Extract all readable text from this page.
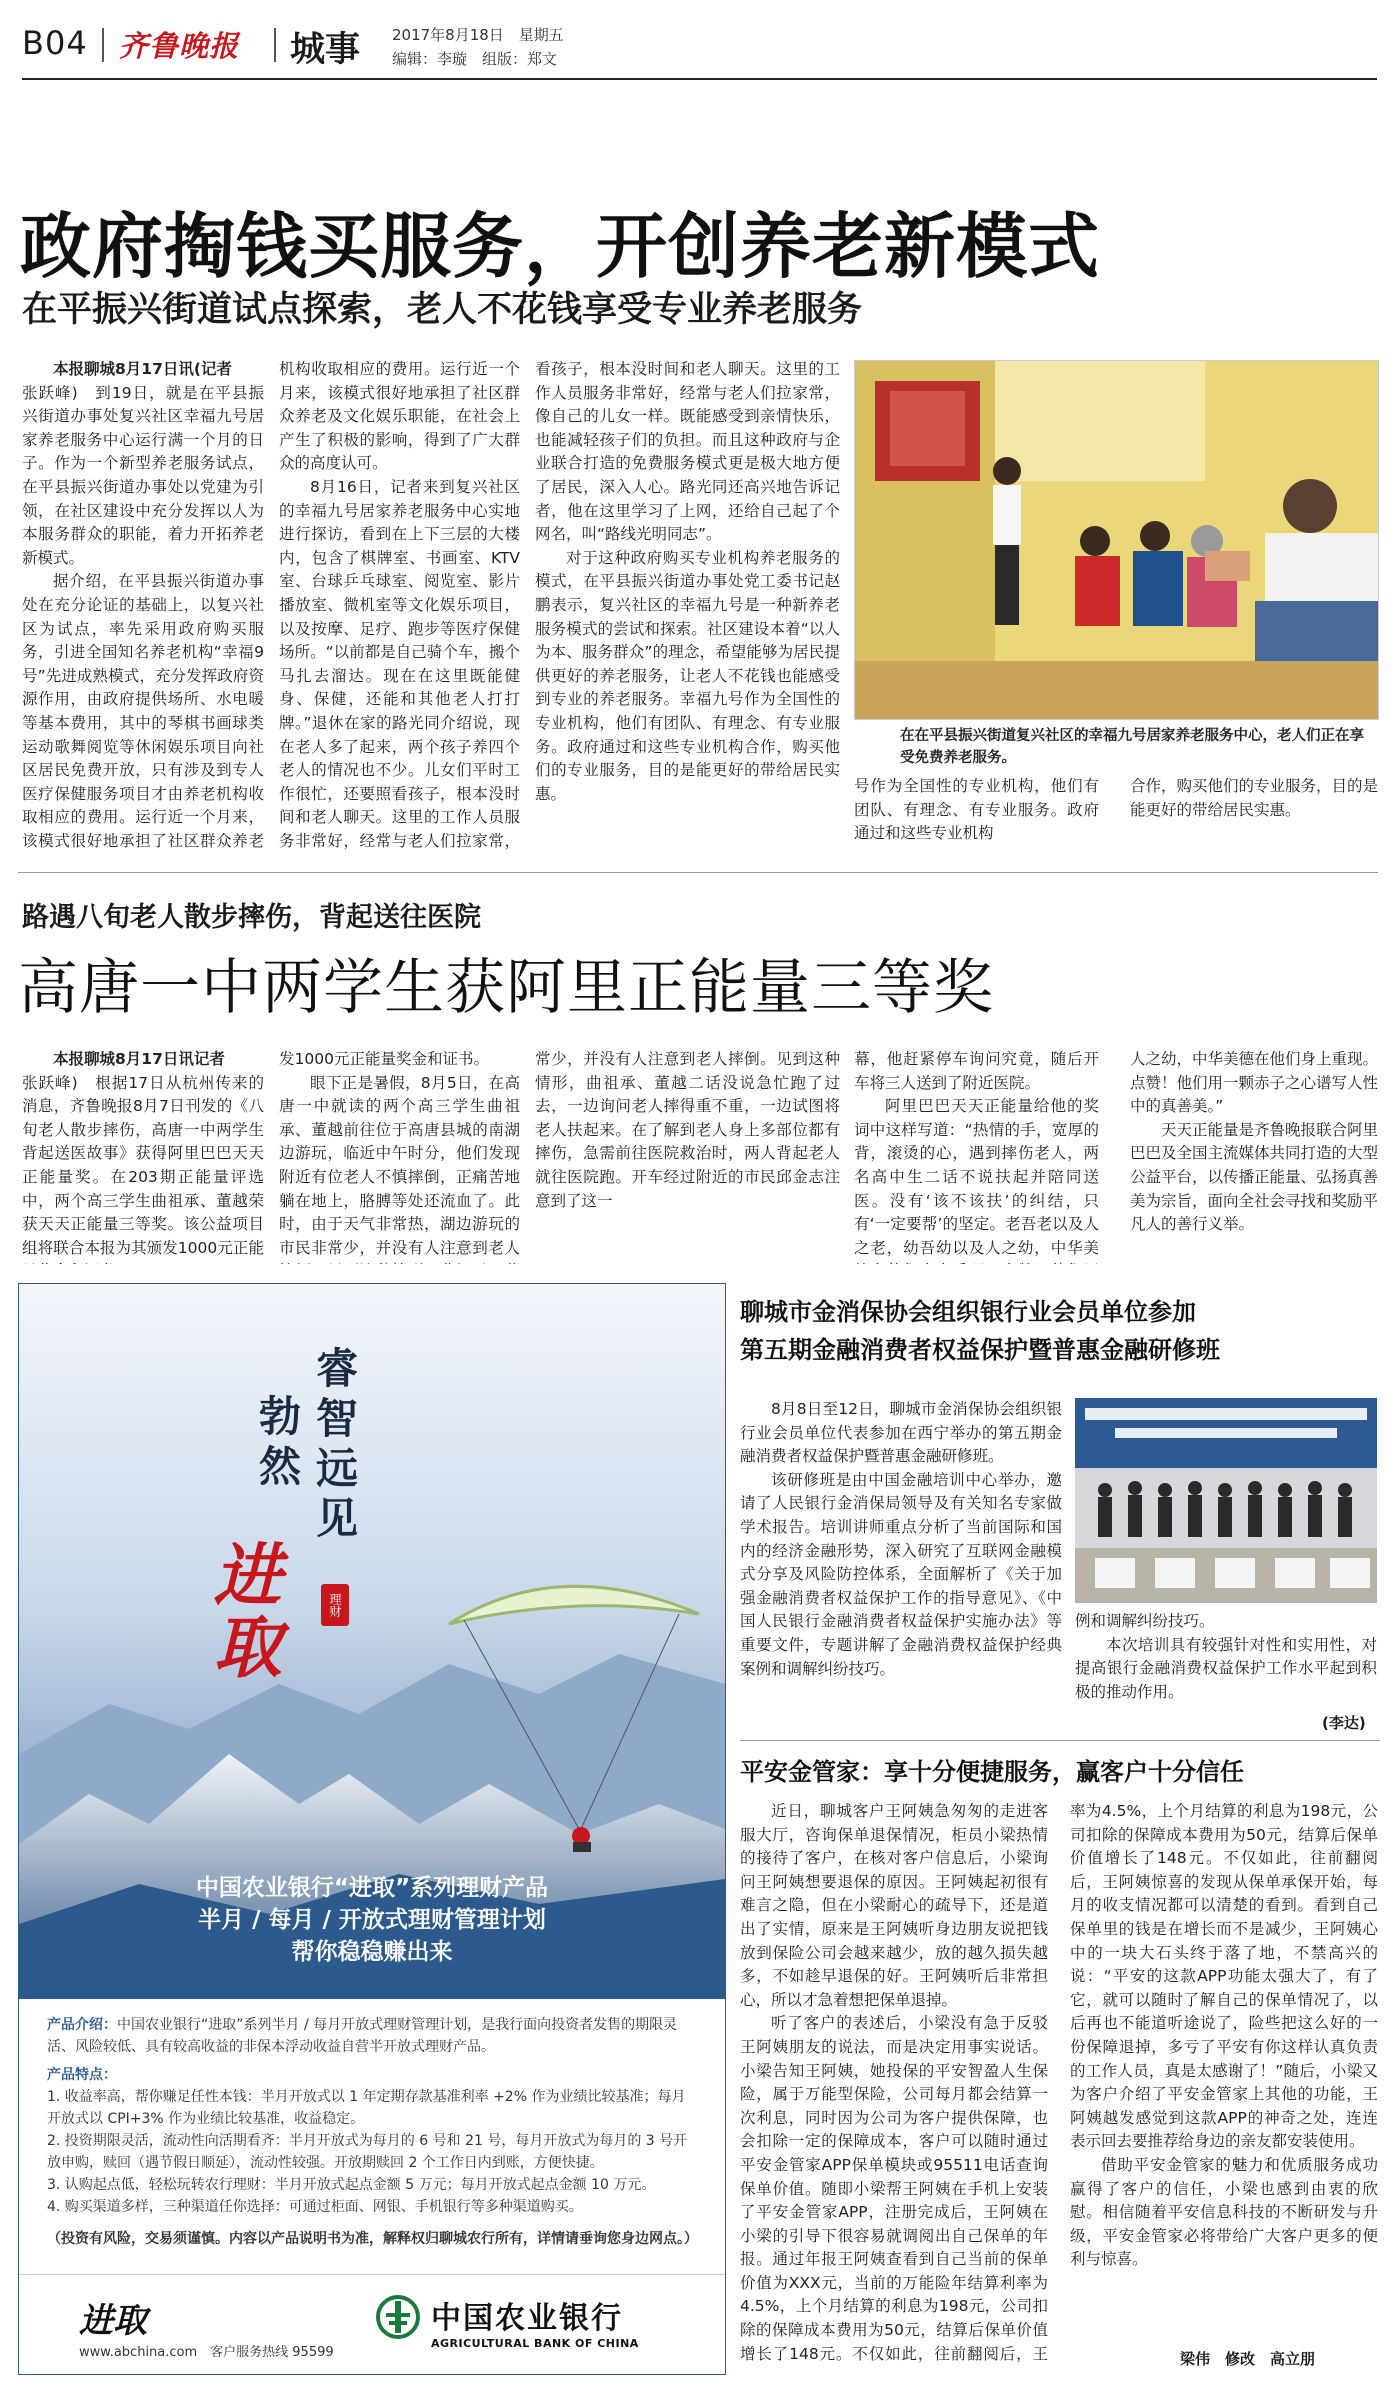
B04 齐鲁晚报 城事 2017年8月18日　星期五
编辑：李璇　组版：郑文
政府掏钱买服务，开创养老新模式
在平振兴街道试点探索，老人不花钱享受专业养老服务

本报聊城8月17日讯(记者

张跃峰)　到19日，就是在平县振兴街道办事处复兴社区幸福九号居家养老服务中心运行满一个月的日子。作为一个新型养老服务试点，在平县振兴街道办事处以党建为引领，在社区建设中充分发挥以人为本服务群众的职能，着力开拓养老新模式。

据介绍，在平县振兴街道办事处在充分论证的基础上，以复兴社区为试点，率先采用政府购买服务，引进全国知名养老机构“幸福9号”先进成熟模式，充分发挥政府资源作用，由政府提供场所、水电暖等基本费用，其中的琴棋书画球类运动歌舞阅览等休闲娱乐项目向社区居民免费开放，只有涉及到专人医疗保健服务项目才由养老机构收取相应的费用。运行近一个月来，该模式很好地承担了社区群众养老

机构收取相应的费用。运行近一个月来，该模式很好地承担了社区群众养老及文化娱乐职能，在社会上产生了积极的影响，得到了广大群众的高度认可。

8月16日，记者来到复兴社区的幸福九号居家养老服务中心实地进行探访，看到在上下三层的大楼内，包含了棋牌室、书画室、KTV室、台球乒乓球室、阅览室、影片播放室、微机室等文化娱乐项目，以及按摩、足疗、跑步等医疗保健场所。“以前都是自己骑个车，搬个马扎去溜达。现在在这里既能健身、保健，还能和其他老人打打牌。”退休在家的路光同介绍说，现在老人多了起来，两个孩子养四个老人的情况也不少。儿女们平时工作很忙，还要照看孩子，根本没时间和老人聊天。这里的工作人员服务非常好，经常与老人们拉家常，

看孩子，根本没时间和老人聊天。这里的工作人员服务非常好，经常与老人们拉家常，像自己的儿女一样。既能感受到亲情快乐，也能减轻孩子们的负担。而且这种政府与企业联合打造的免费服务模式更是极大地方便了居民，深入人心。路光同还高兴地告诉记者，他在这里学习了上网，还给自己起了个网名，叫“路线光明同志”。

对于这种政府购买专业机构养老服务的模式，在平县振兴街道办事处党工委书记赵鹏表示，复兴社区的幸福九号是一种新养老服务模式的尝试和探索。社区建设本着“以人为本、服务群众”的理念，希望能够为居民提供更好的养老服务，让老人不花钱也能感受到专业的养老服务。幸福九号作为全国性的专业机构，他们有团队、有理念、有专业服务。政府通过和这些专业机构合作，购买他们的专业服务，目的是能更好的带给居民实惠。

在在平县振兴街道复兴社区的幸福九号居家养老服务中心，老人们正在享受免费养老服务。

号作为全国性的专业机构，他们有团队、有理念、有专业服务。政府通过和这些专业机构

合作，购买他们的专业服务，目的是能更好的带给居民实惠。

路遇八旬老人散步摔伤，背起送往医院
高唐一中两学生获阿里正能量三等奖

本报聊城8月17日讯记者

张跃峰)　根据17日从杭州传来的消息，齐鲁晚报8月7日刊发的《八旬老人散步摔伤，高唐一中两学生背起送医故事》获得阿里巴巴天天正能量奖。在203期正能量评选中，两个高三学生曲祖承、董越荣获天天正能量三等奖。该公益项目组将联合本报为其颁发1000元正能

发1000元正能量奖金和证书。

眼下正是暑假，8月5日，在高唐一中就读的两个高三学生曲祖承、董越前往位于高唐县城的南湖边游玩，临近中午时分，他们发现附近有位老人不慎摔倒，正痛苦地躺在地上，胳膊等处还流血了。此时，由于天气非常热，湖边游玩的市民非常少，并没有人注意到老人

常少，并没有人注意到老人摔倒。见到这种情形，曲祖承、董越二话没说急忙跑了过去，一边询问老人摔得重不重，一边试图将老人扶起来。在了解到老人身上多部位都有摔伤，急需前往医院救治时，两人背起老人就往医院跑。开车经过附近的市民邱金志注意到了这一

幕，他赶紧停车询问究竟，随后开车将三人送到了附近医院。

阿里巴巴天天正能量给他的奖词中这样写道：“热情的手，宽厚的背，滚烫的心，遇到摔伤老人，两名高中生二话不说扶起并陪同送医。没有‘该不该扶’的纠结，只有‘一定要帮’的坚定。老吾老以及人之老，幼吾幼以及人之幼，中华美

人之幼，中华美德在他们身上重现。点赞！他们用一颗赤子之心谱写人性中的真善美。”

天天正能量是齐鲁晚报联合阿里巴巴及全国主流媒体共同打造的大型公益平台，以传播正能量、弘扬真善美为宗旨，面向全社会寻找和奖励平凡人的善行义举。

睿智远见
勃然
进取	理财
中国农业银行“进取”系列理财产品
半月 / 每月 / 开放式理财管理计划
帮你稳稳赚出来
产品介绍：中国农业银行“进取”系列半月 / 每月开放式理财管理计划，是我行面向投资者发售的期限灵活、风险较低、具有较高收益的非保本浮动收益自营半开放式理财产品。
产品特点：
1. 收益率高，帮你赚足任性本钱：半月开放式以 1 年定期存款基准利率 +2% 作为业绩比较基准；每月开放式以 CPI+3% 作为业绩比较基准，收益稳定。
2. 投资期限灵活，流动性向活期看齐：半月开放式为每月的 6 号和 21 号，每月开放式为每月的 3 号开放申购，赎回（遇节假日顺延），流动性较强。开放期赎回 2 个工作日内到账，方便快捷。
3. 认购起点低，轻松玩转农行理财：半月开放式起点金额 5 万元；每月开放式起点金额 10 万元。
4. 购买渠道多样，三种渠道任你选择：可通过柜面、网银、手机银行等多种渠道购买。
（投资有风险，交易须谨慎。内容以产品说明书为准，解释权归聊城农行所有，详情请垂询您身边网点。）
进取
www.abchina.com　客户服务热线 95599
中国农业银行
AGRICULTURAL BANK OF CHINA
聊城市金消保协会组织银行业会员单位参加
第五期金融消费者权益保护暨普惠金融研修班

8月8日至12日，聊城市金消保协会组织银行业会员单位代表参加在西宁举办的第五期金融消费者权益保护暨普惠金融研修班。

该研修班是由中国金融培训中心举办，邀请了人民银行金消保局领导及有关知名专家做学术报告。培训讲师重点分析了当前国际和国内的经济金融形势，深入研究了互联网金融模式分享及风险防控体系，全面解析了《关于加强金融消费者权益保护工作的指导意见》、《中国人民银行金融消费者权益保护实施办法》等重要文件，专题讲解了金融消费权益保护经典案例和调解纠纷技巧。

例和调解纠纷技巧。

本次培训具有较强针对性和实用性，对提高银行金融消费权益保护工作水平起到积极的推动作用。

(李达)
平安金管家：享十分便捷服务，赢客户十分信任

近日，聊城客户王阿姨急匆匆的走进客服大厅，咨询保单退保情况，柜员小梁热情的接待了客户，在核对客户信息后，小梁询问王阿姨想要退保的原因。王阿姨起初很有难言之隐，但在小梁耐心的疏导下，还是道出了实情，原来是王阿姨听身边朋友说把钱放到保险公司会越来越少，放的越久损失越多，不如趁早退保的好。王阿姨听后非常担心，所以才急着想把保单退掉。

听了客户的表述后，小梁没有急于反驳王阿姨朋友的说法，而是决定用事实说话。小梁告知王阿姨，她投保的平安智盈人生保险，属于万能型保险，公司每月都会结算一次利息，同时因为公司为客户提供保障，也会扣除一定的保障成本，客户可以随时通过平安金管家APP保单模块或95511电话查询保单价值。随即小梁帮王阿姨在手机上安装了平安金管家APP，注册完成后，王阿姨在小梁的引导下很容易就调阅出自己保单的年报。通过年报王阿姨查看到自己当前的保单价值为XXX元，当前的万能险年结算利率为4.5%，上个月结算的利息为198元，公司扣除的保障成本费用为50元，结算后保单价值增长了148元。不仅如此，往前翻阅后，王

率为4.5%，上个月结算的利息为198元，公司扣除的保障成本费用为50元，结算后保单价值增长了148元。不仅如此，往前翻阅后，王阿姨惊喜的发现从保单承保开始，每月的收支情况都可以清楚的看到。看到自己保单里的钱是在增长而不是减少，王阿姨心中的一块大石头终于落了地，不禁高兴的说：“平安的这款APP功能太强大了，有了它，就可以随时了解自己的保单情况了，以后再也不能道听途说了，险些把这么好的一份保障退掉，多亏了平安有你这样认真负责的工作人员，真是太感谢了！”随后，小梁又为客户介绍了平安金管家上其他的功能，王阿姨越发感觉到这款APP的神奇之处，连连表示回去要推荐给身边的亲友都安装使用。

借助平安金管家的魅力和优质服务成功赢得了客户的信任，小梁也感到由衷的欣慰。相信随着平安信息科技的不断研发与升级，平安金管家必将带给广大客户更多的便利与惊喜。

梁伟　修改　高立朋
